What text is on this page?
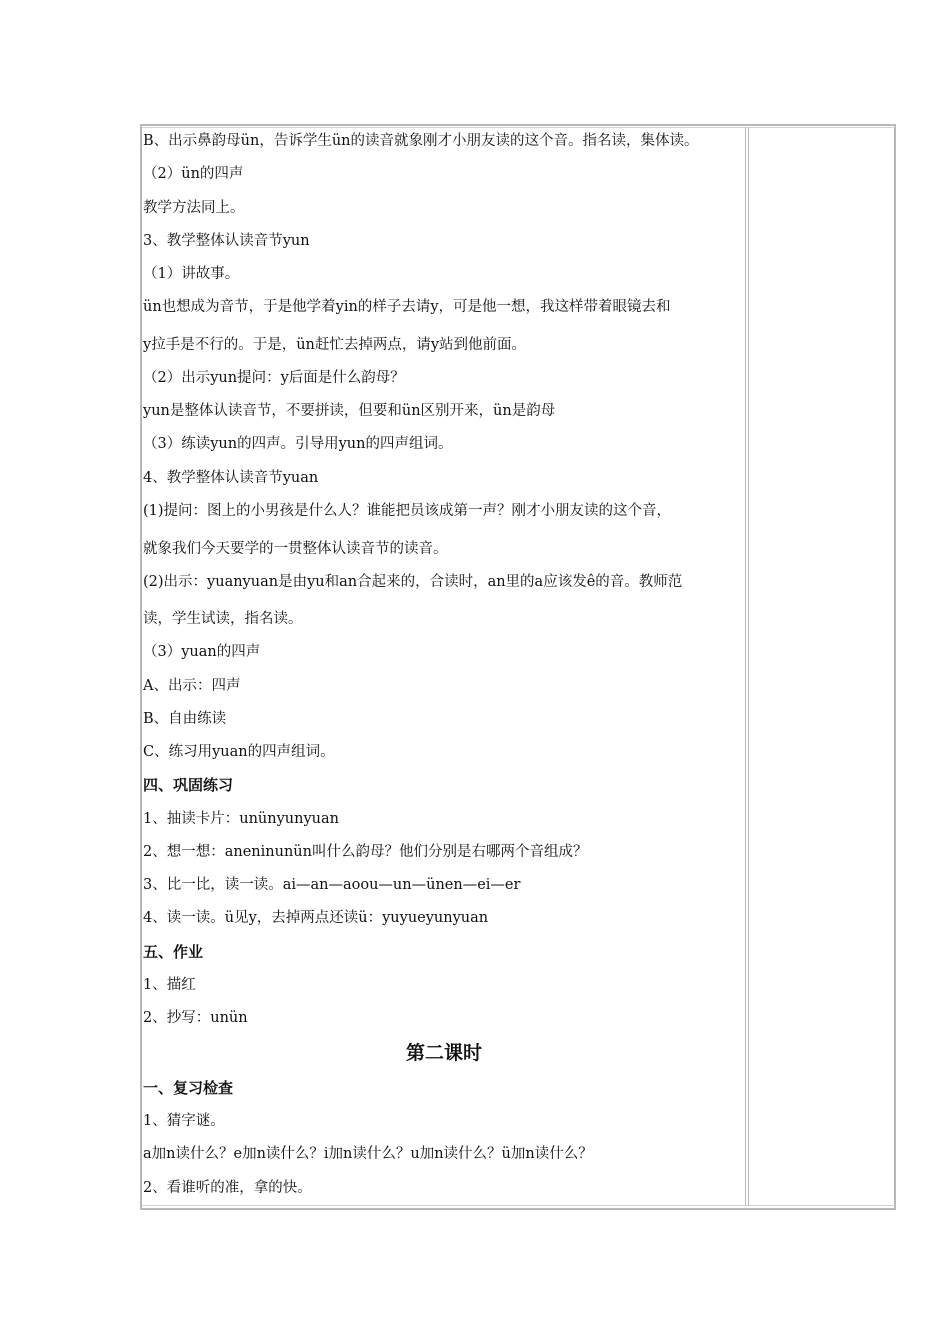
B、出示鼻韵母ün，告诉学生ün的读音就象刚才小朋友读的这个音。指名读，集体读。
（2）ün的四声
教学方法同上。
3、教学整体认读音节yun
（1）讲故事。
ün也想成为音节，于是他学着yin的样子去请y，可是他一想，我这样带着眼镜去和
y拉手是不行的。于是，ün赶忙去掉两点，请y站到他前面。
（2）出示yun提问：y后面是什么韵母？
yun是整体认读音节，不要拼读，但要和ün区别开来，ün是韵母
（3）练读yun的四声。引导用yun的四声组词。
4、教学整体认读音节yuan
(1)提问：图上的小男孩是什么人？谁能把员该成第一声？刚才小朋友读的这个音，
就象我们今天要学的一贯整体认读音节的读音。
(2)出示：yuanyuan是由yu和an合起来的，合读时，an里的a应该发ê的音。教师范
读，学生试读，指名读。
（3）yuan的四声
A、出示：四声
B、自由练读
C、练习用yuan的四声组词。
四、巩固练习
1、抽读卡片：unünyunyuan
2、想一想：aneninunün叫什么韵母？他们分别是右哪两个音组成？
3、比一比，读一读。ai—an—aoou—un—ünen—ei—er
4、读一读。ü见y，去掉两点还读ü：yuyueyunyuan
五、作业
1、描红
2、抄写：unün
第二课时
一、复习检查
1、猜字谜。
a加n读什么？e加n读什么？i加n读什么？u加n读什么？ü加n读什么？
2、看谁听的准，拿的快。
